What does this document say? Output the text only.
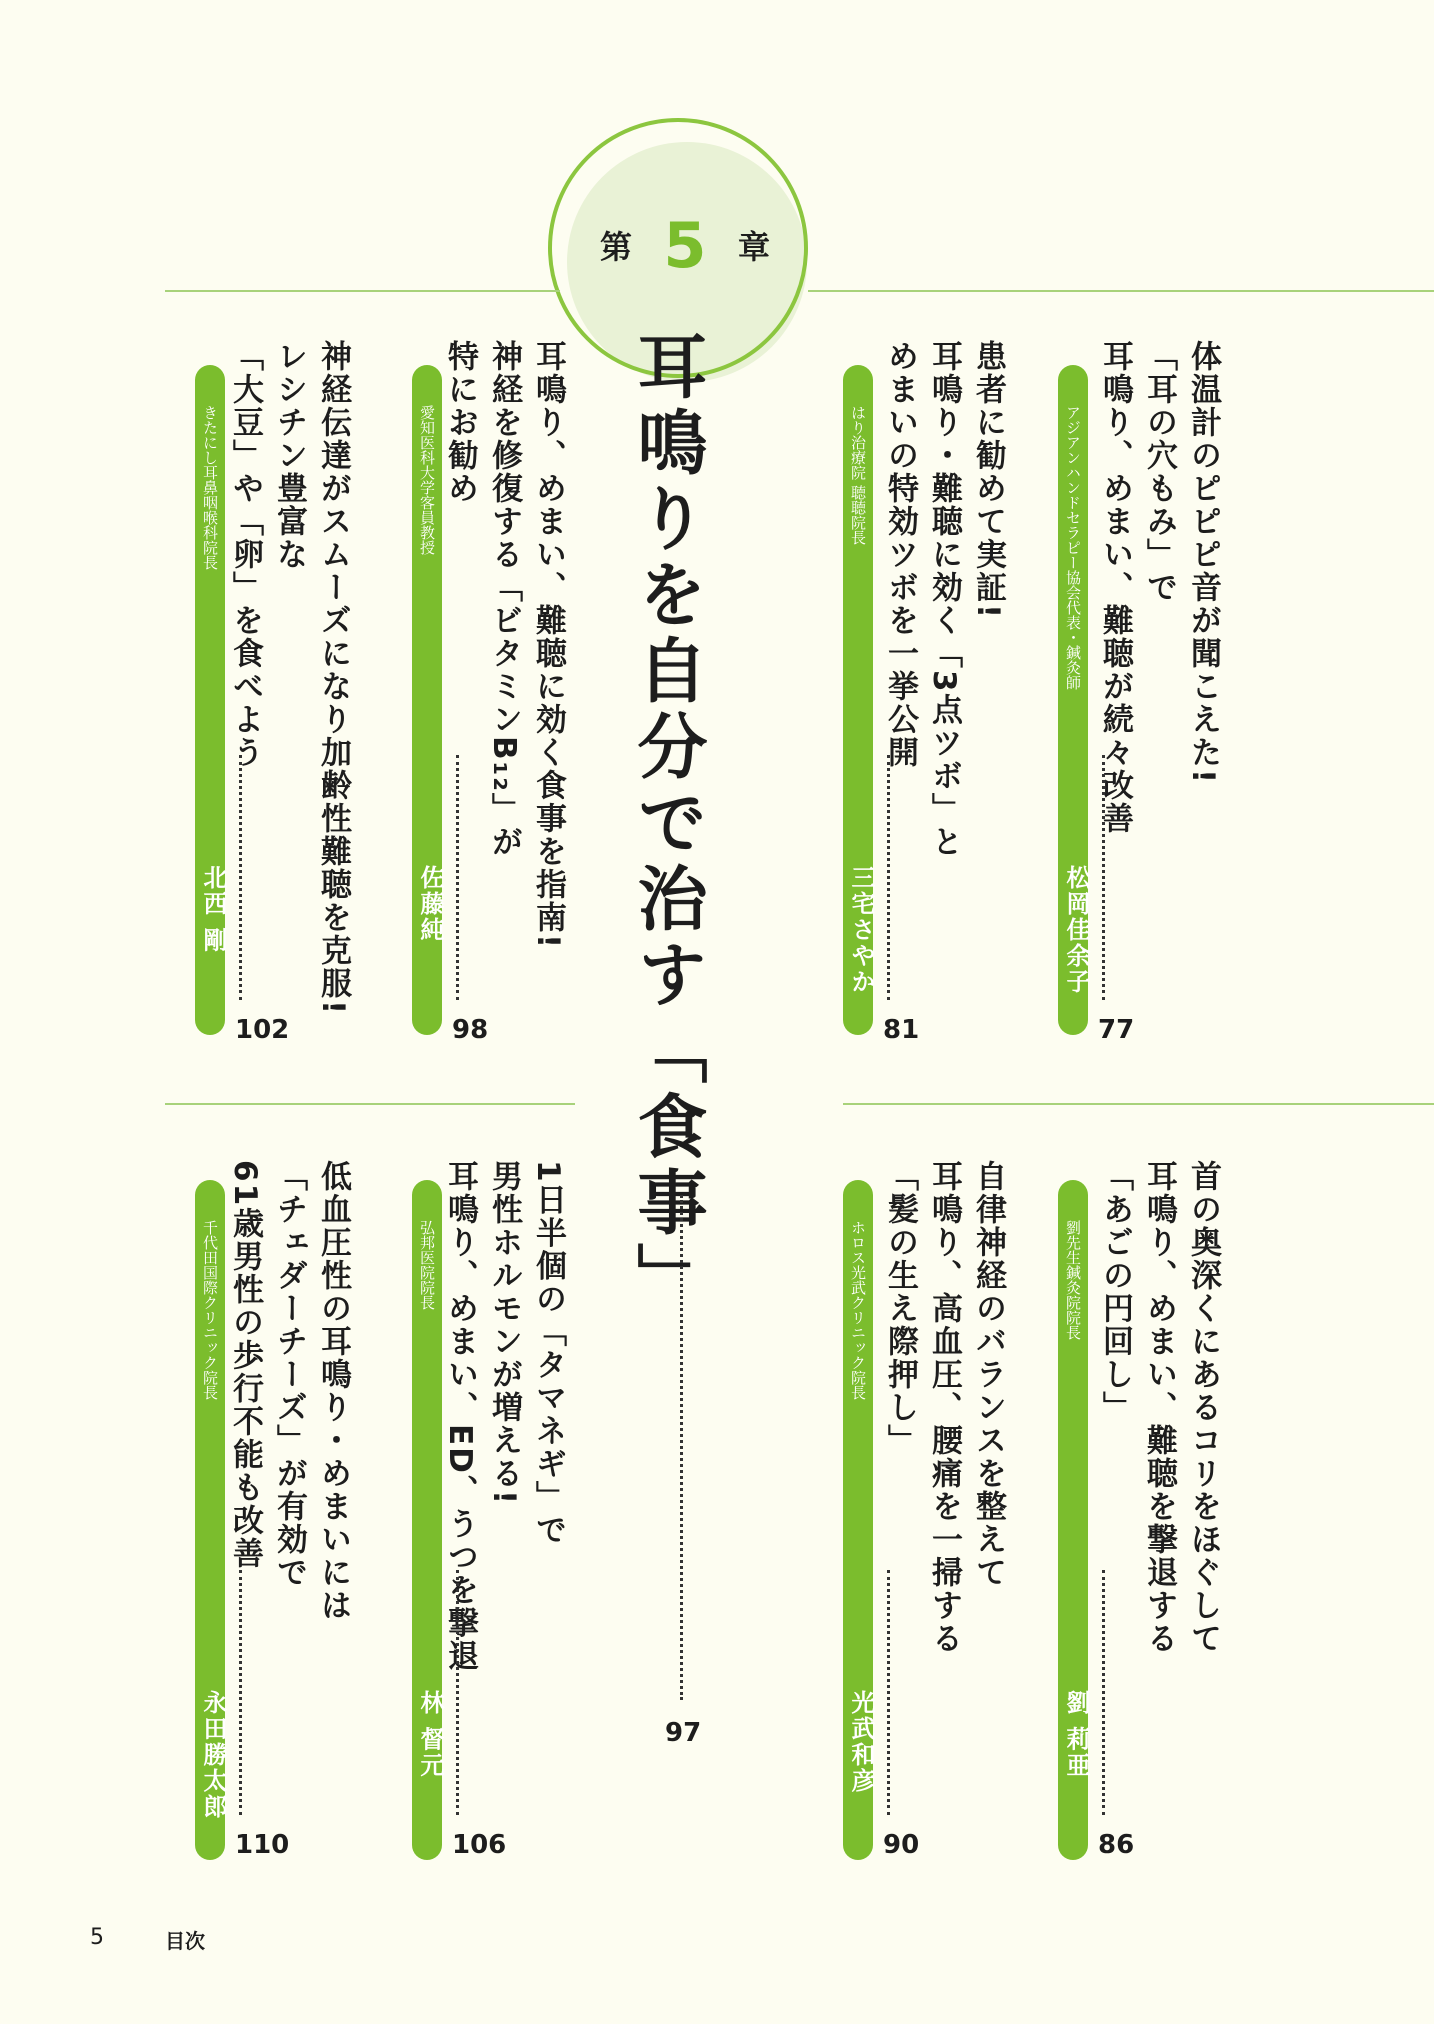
第 5 章

耳鳴りを自分で治す「食事」

97

体温計のピピピ音が聞こえた!
「耳の穴もみ」で
耳鳴り、めまい、難聴が続々改善

アジアンハンドセラピー協会代表・鍼灸師
松岡佳余子
77

患者に勧めて実証!
耳鳴り・難聴に効く「3点ツボ」と
めまいの特効ツボを一挙公開

はり治療院 聴聴院長
三宅さやか
81

耳鳴り、めまい、難聴に効く食事を指南!
神経を修復する「ビタミンB₁₂」が
特にお勧め

愛知医科大学客員教授
佐藤純
98

神経伝達がスムーズになり加齢性難聴を克服!
レシチン豊富な
「大豆」や「卵」を食べよう

きたにし耳鼻咽喉科院長
北西 剛
102

首の奥深くにあるコリをほぐして
耳鳴り、めまい、難聴を撃退する
「あごの円回し」

劉先生鍼灸院院長
劉 莉亜
86

自律神経のバランスを整えて
耳鳴り、高血圧、腰痛を一掃する
「髪の生え際押し」

ホロス光武クリニック院長
光武和彦
90

1日半個の「タマネギ」で
男性ホルモンが増える!
耳鳴り、めまい、ED、うつを撃退

弘邦医院院長
林 督元
106

低血圧性の耳鳴り・めまいには
「チェダーチーズ」が有効で
61歳男性の歩行不能も改善

千代田国際クリニック院長
永田勝太郎
110
5	目次
